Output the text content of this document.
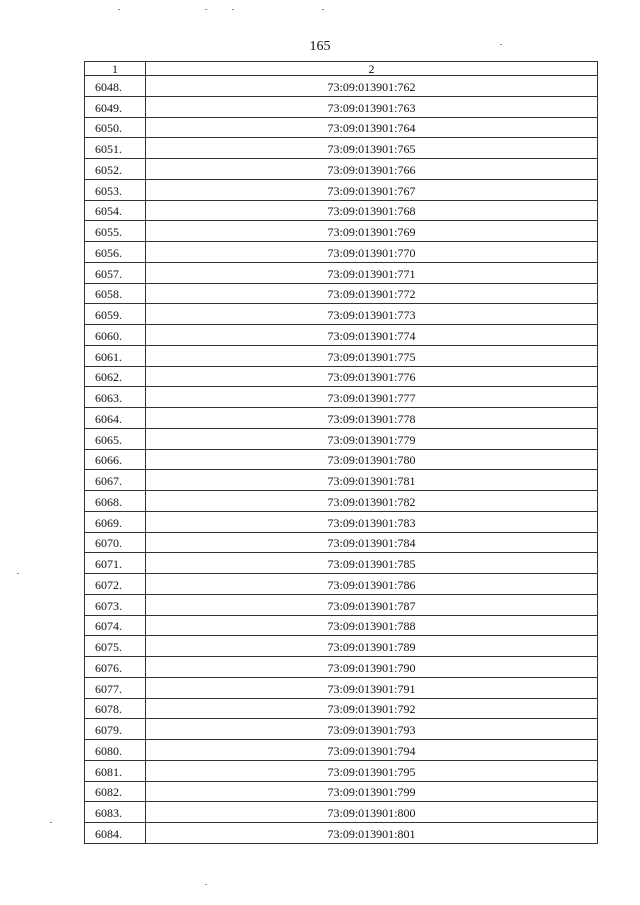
165
1	2
6048.	73:09:013901:762
6049.	73:09:013901:763
6050.	73:09:013901:764
6051.	73:09:013901:765
6052.	73:09:013901:766
6053.	73:09:013901:767
6054.	73:09:013901:768
6055.	73:09:013901:769
6056.	73:09:013901:770
6057.	73:09:013901:771
6058.	73:09:013901:772
6059.	73:09:013901:773
6060.	73:09:013901:774
6061.	73:09:013901:775
6062.	73:09:013901:776
6063.	73:09:013901:777
6064.	73:09:013901:778
6065.	73:09:013901:779
6066.	73:09:013901:780
6067.	73:09:013901:781
6068.	73:09:013901:782
6069.	73:09:013901:783
6070.	73:09:013901:784
6071.	73:09:013901:785
6072.	73:09:013901:786
6073.	73:09:013901:787
6074.	73:09:013901:788
6075.	73:09:013901:789
6076.	73:09:013901:790
6077.	73:09:013901:791
6078.	73:09:013901:792
6079.	73:09:013901:793
6080.	73:09:013901:794
6081.	73:09:013901:795
6082.	73:09:013901:799
6083.	73:09:013901:800
6084.	73:09:013901:801
